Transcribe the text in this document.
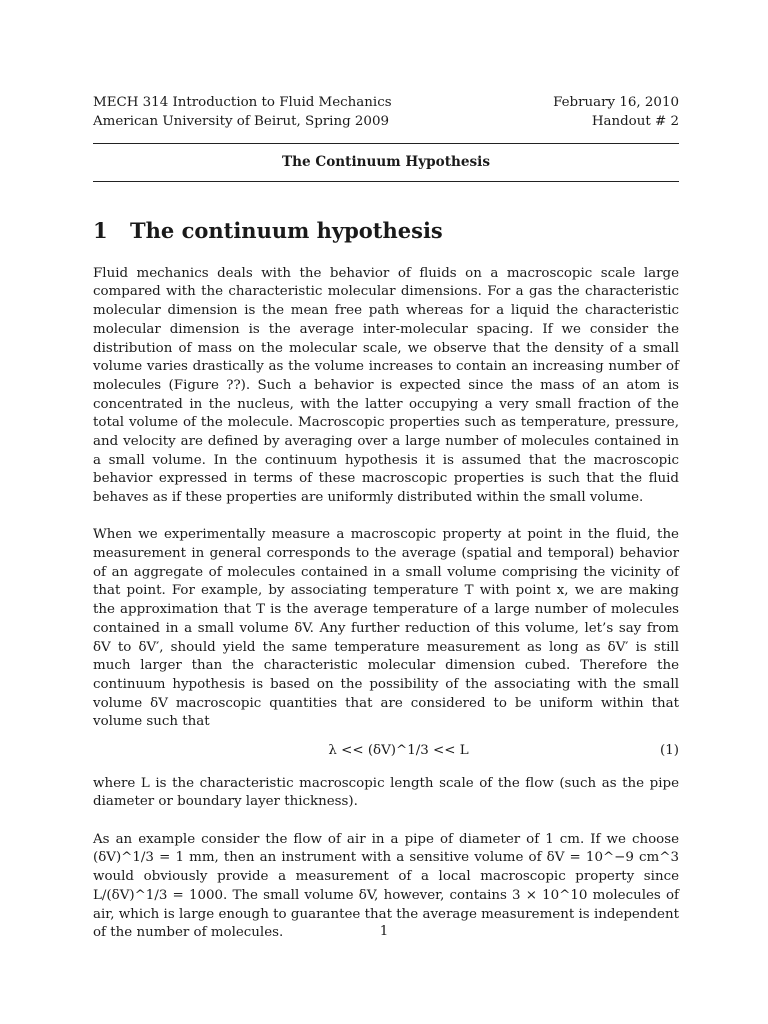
MECH 314 Introduction to Fluid Mechanics
American University of Beirut, Spring 2009
February 16, 2010
Handout # 2
The Continuum Hypothesis
1	The continuum hypothesis

Fluid mechanics deals with the behavior of fluids on a macroscopic scale large compared with the characteristic molecular dimensions. For a gas the characteristic molecular dimension is the mean free path whereas for a liquid the characteristic molecular dimension is the average inter-molecular spacing. If we consider the distribution of mass on the molecular scale, we observe that the density of a small volume varies drastically as the volume increases to contain an increasing number of molecules (Figure ??). Such a behavior is expected since the mass of an atom is concentrated in the nucleus, with the latter occupying a very small fraction of the total volume of the molecule. Macroscopic properties such as temperature, pressure, and velocity are defined by averaging over a large number of molecules contained in a small volume. In the continuum hypothesis it is assumed that the macroscopic behavior expressed in terms of these macroscopic properties is such that the fluid behaves as if these properties are uniformly distributed within the small volume.

When we experimentally measure a macroscopic property at point in the fluid, the measurement in general corresponds to the average (spatial and temporal) behavior of an aggregate of molecules contained in a small volume comprising the vicinity of that point. For example, by associating temperature T with point x, we are making the approximation that T is the average temperature of a large number of molecules contained in a small volume δV. Any further reduction of this volume, let’s say from δV to δV′, should yield the same temperature measurement as long as δV′ is still much larger than the characteristic molecular dimension cubed. Therefore the continuum hypothesis is based on the possibility of the associating with the small volume δV macroscopic quantities that are considered to be uniform within that volume such that

λ << (δV)^1/3 << L	(1)

where L is the characteristic macroscopic length scale of the flow (such as the pipe diameter or boundary layer thickness).

As an example consider the flow of air in a pipe of diameter of 1 cm. If we choose (δV)^1/3 = 1 mm, then an instrument with a sensitive volume of δV = 10^−9 cm^3 would obviously provide a measurement of a local macroscopic property since L/(δV)^1/3 = 1000. The small volume δV, however, contains 3 × 10^10 molecules of air, which is large enough to guarantee that the average measurement is independent of the number of molecules.	1
